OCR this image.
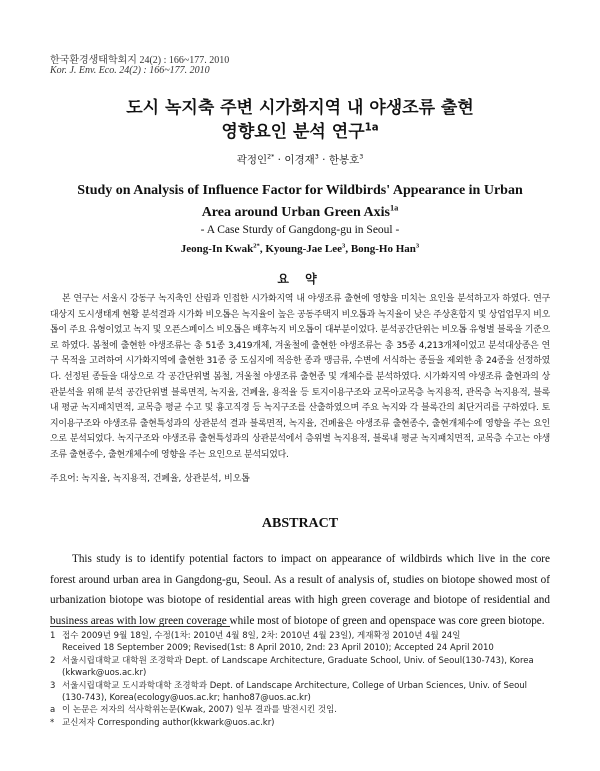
한국환경생태학회지 24(2) : 166~177. 2010
Kor. J. Env. Eco. 24(2) : 166~177. 2010
도시 녹지축 주변 시가화지역 내 야생조류 출현
영향요인 분석 연구$^{1a}$
곽정인$^{2*}$ · 이경재$^3$ · 한봉호$^3$
Study on Analysis of Influence Factor for Wildbirds' Appearance in Urban
Area around Urban Green Axis$^{1a}$
- A Case Sturdy of Gangdong-gu in Seoul -
Jeong-In Kwak$^{2*}$, Kyoung-Jae Lee$^3$, Bong-Ho Han$^3$
요 약

본 연구는 서울시 강동구 녹지축인 산림과 인접한 시가화지역 내 야생조류 출현에 영향을 미치는 요인을 분석하고자 하였다. 연구대상지 도시생태계 현황 분석결과 시가화 비오톱은 녹지율이 높은 공동주택지 비오톱과 녹지율이 낮은 주상혼합지 및 상업업무지 비오톱이 주요 유형이었고 녹지 및 오픈스페이스 비오톱은 배후녹지 비오톱이 대부분이었다. 분석공간단위는 비오톱 유형별 블록을 기준으로 하였다. 봄철에 출현한 야생조류는 총 51종 3,419개체, 겨울철에 출현한 야생조류는 총 35종 4,213개체이었고 분석대상종은 연구 목적을 고려하여 시가화지역에 출현한 31종 중 도심지에 적응한 종과 맹금류, 수변에 서식하는 종들을 제외한 총 24종을 선정하였다. 선정된 종들을 대상으로 각 공간단위별 봄철, 겨울철 야생조류 출현종 및 개체수를 분석하였다. 시가화지역 야생조류 출현과의 상관분석을 위해 분석 공간단위별 블록면적, 녹지율, 건폐율, 용적율 등 토지이용구조와 교목아교목층 녹지용적, 관목층 녹지용적, 블록내 평균 녹지패치면적, 교목층 평균 수고 및 흉고직경 등 녹지구조를 산출하였으며 주요 녹지와 각 블록간의 최단거리를 구하였다. 토지이용구조와 야생조류 출현특성과의 상관분석 결과 블록면적, 녹지율, 건폐율은 야생조류 출현종수, 출현개체수에 영향을 주는 요인으로 분석되었다. 녹지구조와 야생조류 출현특성과의 상관분석에서 층위별 녹지용적, 블록내 평균 녹지패치면적, 교목층 수고는 야생조류 출현종수, 출현개체수에 영향을 주는 요인으로 분석되었다.

주요어: 녹지율, 녹지용적, 건폐율, 상관분석, 비오톱
ABSTRACT

This study is to identify potential factors to impact on appearance of wildbirds which live in the core forest around urban area in Gangdong-gu, Seoul. As a result of analysis of, studies on biotope showed most of urbanization biotope was biotope of residential areas with high green coverage and biotope of residential and business areas with low green coverage while most of biotope of green and openspace was core green biotope.

1 접수 2009년 9월 18일, 수정(1차: 2010년 4월 8일, 2차: 2010년 4월 23일), 게재확정 2010년 4월 24일
Received 18 September 2009; Revised(1st: 8 April 2010, 2nd: 23 April 2010); Accepted 24 April 2010
2 서울시립대학교 대학원 조경학과 Dept. of Landscape Architecture, Graduate School, Univ. of Seoul(130-743), Korea
(kkwark@uos.ac.kr)
3 서울시립대학교 도시과학대학 조경학과 Dept. of Landscape Architecture, College of Urban Sciences, Univ. of Seoul
(130-743), Korea(ecology@uos.ac.kr; hanho87@uos.ac.kr)
a 이 논문은 저자의 석사학위논문(Kwak, 2007) 일부 결과를 발전시킨 것임.
* 교신저자 Corresponding author(kkwark@uos.ac.kr)
